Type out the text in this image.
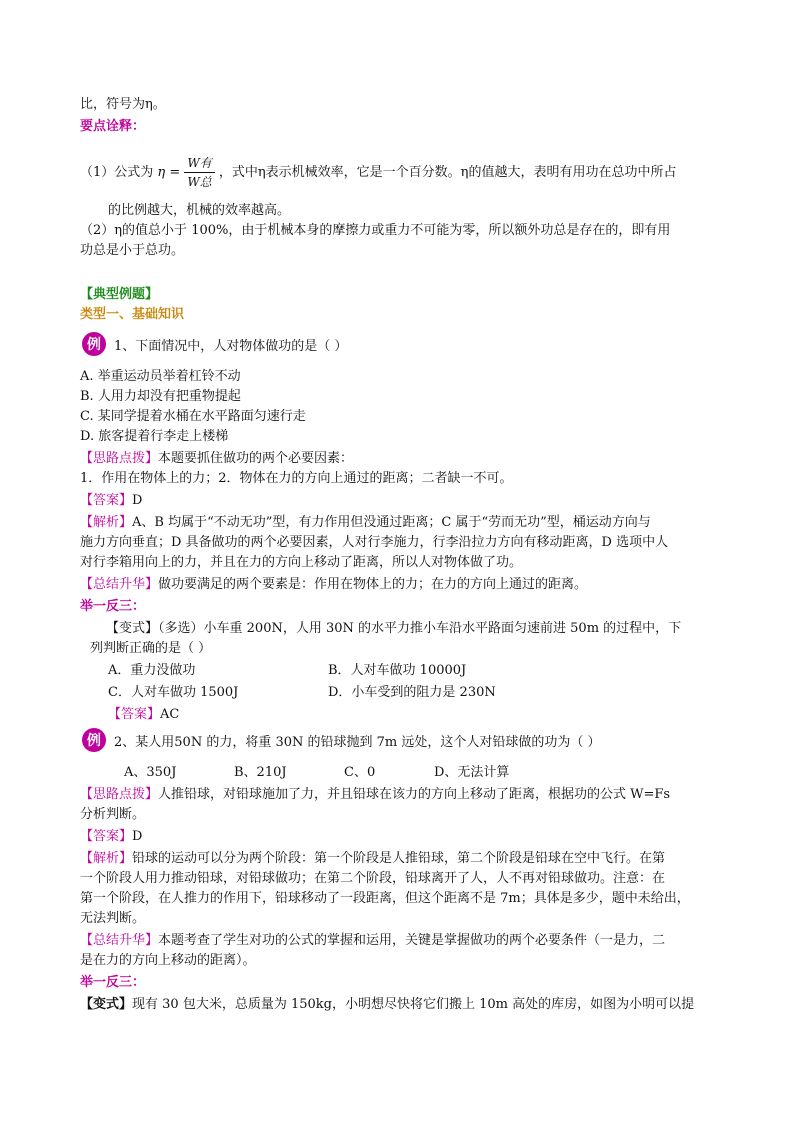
比，符号为η。
要点诠释：
（1）公式为 $\eta = \frac{\text{W有}}{\text{W总}}$ ，式中η表示机械效率，它是一个百分数。η的值越大，表明有用功在总功中所占
的比例越大，机械的效率越高。
（2）η的值总小于 100%，由于机械本身的摩擦力或重力不可能为零，所以额外功总是存在的，即有用
功总是小于总功。
【典型例题】
类型一、基础知识
例	1、下面情况中，人对物体做功的是（ ）
A. 举重运动员举着杠铃不动
B. 人用力却没有把重物提起
C. 某同学提着水桶在水平路面匀速行走
D. 旅客提着行李走上楼梯
【思路点拨】本题要抓住做功的两个必要因素：
1．作用在物体上的力；2．物体在力的方向上通过的距离；二者缺一不可。
【答案】D
【解析】A、B 均属于“不动无功”型，有力作用但没通过距离；C 属于“劳而无功”型，桶运动方向与
施力方向垂直；D 具备做功的两个必要因素，人对行李施力，行李沿拉力方向有移动距离，D 选项中人
对行李箱用向上的力，并且在力的方向上移动了距离，所以人对物体做了功。
【总结升华】做功要满足的两个要素是：作用在物体上的力；在力的方向上通过的距离。
举一反三：
【变式】（多选）小车重 200N，人用 30N 的水平力推小车沿水平路面匀速前进 50m 的过程中，下
列判断正确的是（ ）
A．重力没做功	B．人对车做功 10000J
C．人对车做功 1500J	D．小车受到的阻力是 230N
【答案】AC
例	2、某人用50N 的力，将重 30N 的铅球抛到 7m 远处，这个人对铅球做的功为（ ）
A、350J	B、210J	C、0	D、无法计算
【思路点拨】人推铅球，对铅球施加了力，并且铅球在该力的方向上移动了距离，根据功的公式 W=Fs
分析判断。
【答案】D
【解析】铅球的运动可以分为两个阶段：第一个阶段是人推铅球，第二个阶段是铅球在空中飞行。在第
一个阶段人用力推动铅球，对铅球做功；在第二个阶段，铅球离开了人，人不再对铅球做功。注意：在
第一个阶段，在人推力的作用下，铅球移动了一段距离，但这个距离不是 7m；具体是多少，题中未给出，
无法判断。
【总结升华】本题考查了学生对功的公式的掌握和运用，关键是掌握做功的两个必要条件（一是力，二
是在力的方向上移动的距离）。
举一反三：
【变式】现有 30 包大米，总质量为 150kg，小明想尽快将它们搬上 10m 高处的库房，如图为小明可以提
